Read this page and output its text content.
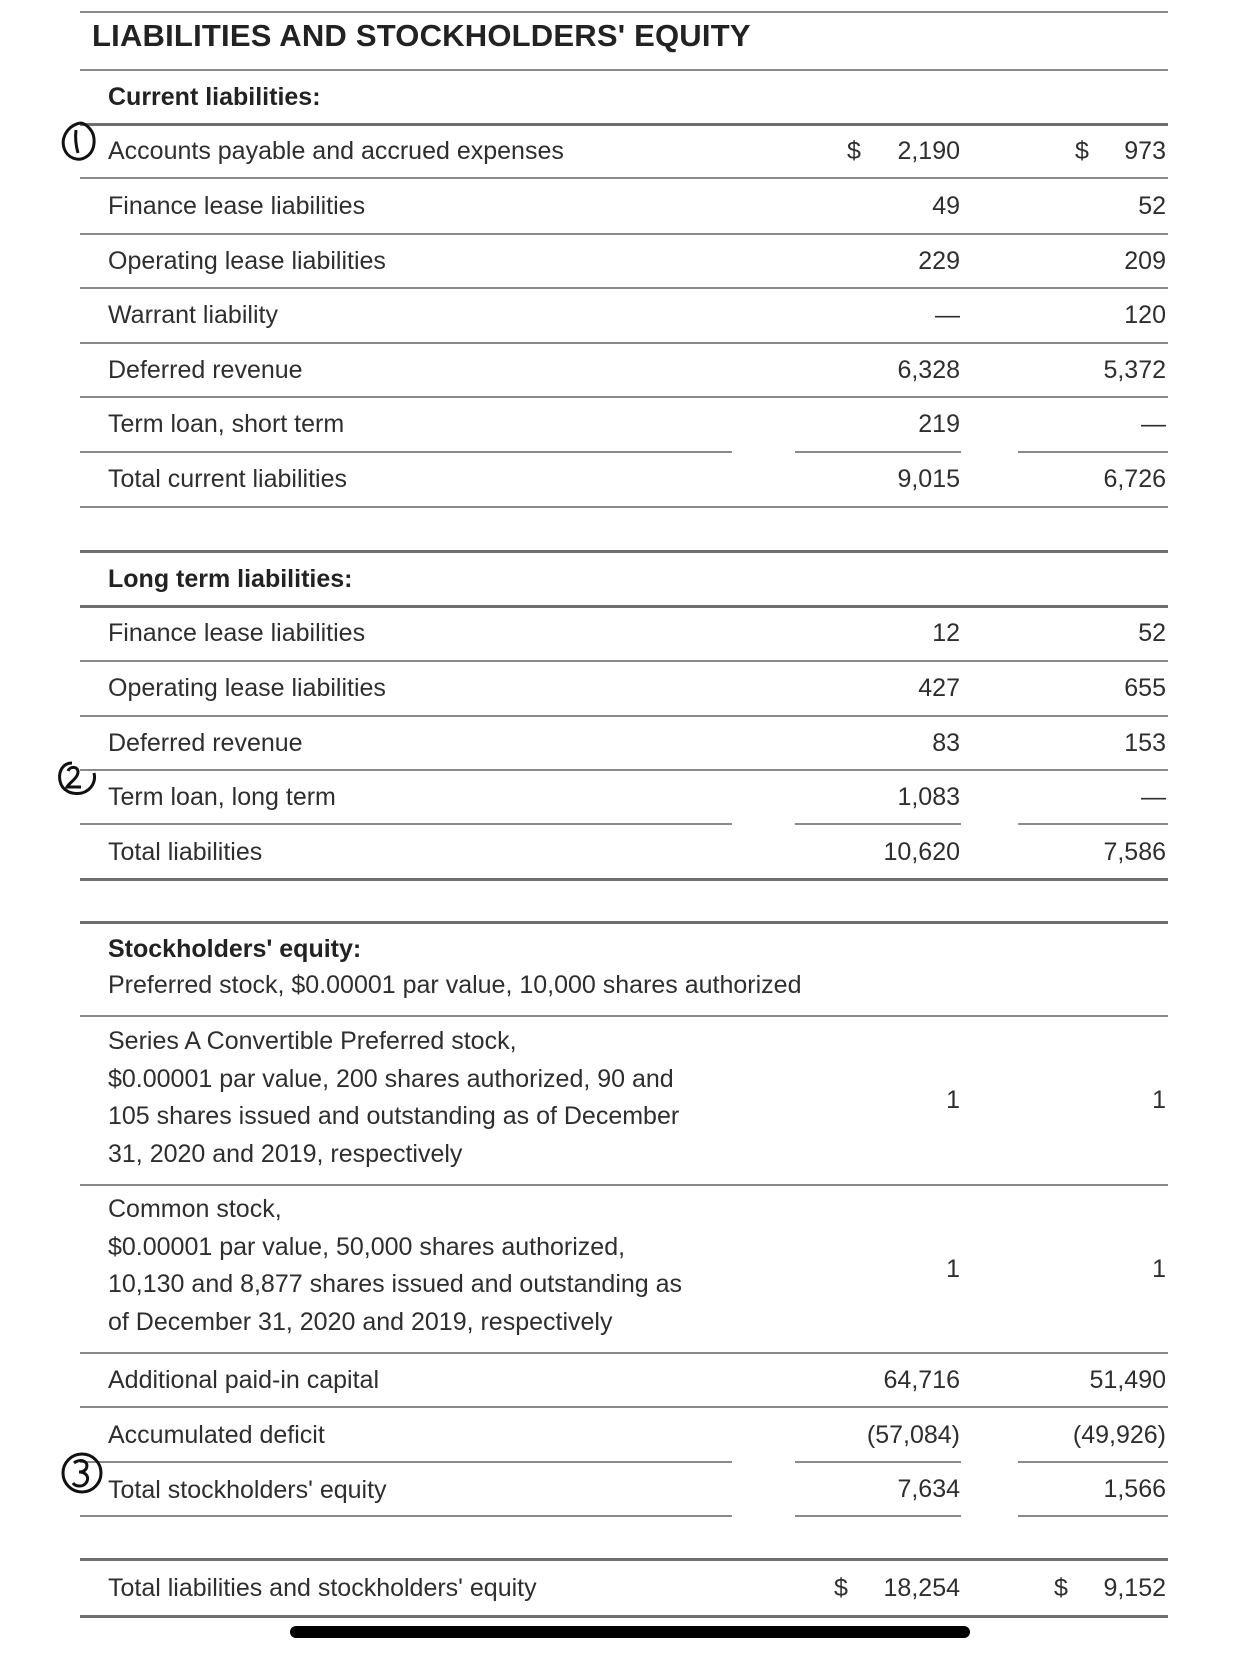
LIABILITIES AND STOCKHOLDERS' EQUITY
Current liabilities:
Accounts payable and accrued expenses	$ 2,190	$ 973
Finance lease liabilities	49	52
Operating lease liabilities	229	209
Warrant liability	—	120
Deferred revenue	6,328	5,372
Term loan, short term	219	—
Total current liabilities	9,015	6,726
Long term liabilities:
Finance lease liabilities	12	52
Operating lease liabilities	427	655
Deferred revenue	83	153
Term loan, long term	1,083	—
Total liabilities	10,620	7,586
Stockholders' equity:
Preferred stock, $0.00001 par value, 10,000 shares authorized
Series A Convertible Preferred stock,
$0.00001 par value, 200 shares authorized, 90 and
105 shares issued and outstanding as of December
31, 2020 and 2019, respectively
1	1
Common stock,
$0.00001 par value, 50,000 shares authorized,
10,130 and 8,877 shares issued and outstanding as
of December 31, 2020 and 2019, respectively
1	1
Additional paid-in capital	64,716	51,490
Accumulated deficit	(57,084)	(49,926)
Total stockholders' equity	7,634	1,566
Total liabilities and stockholders' equity	$ 18,254	$ 9,152
